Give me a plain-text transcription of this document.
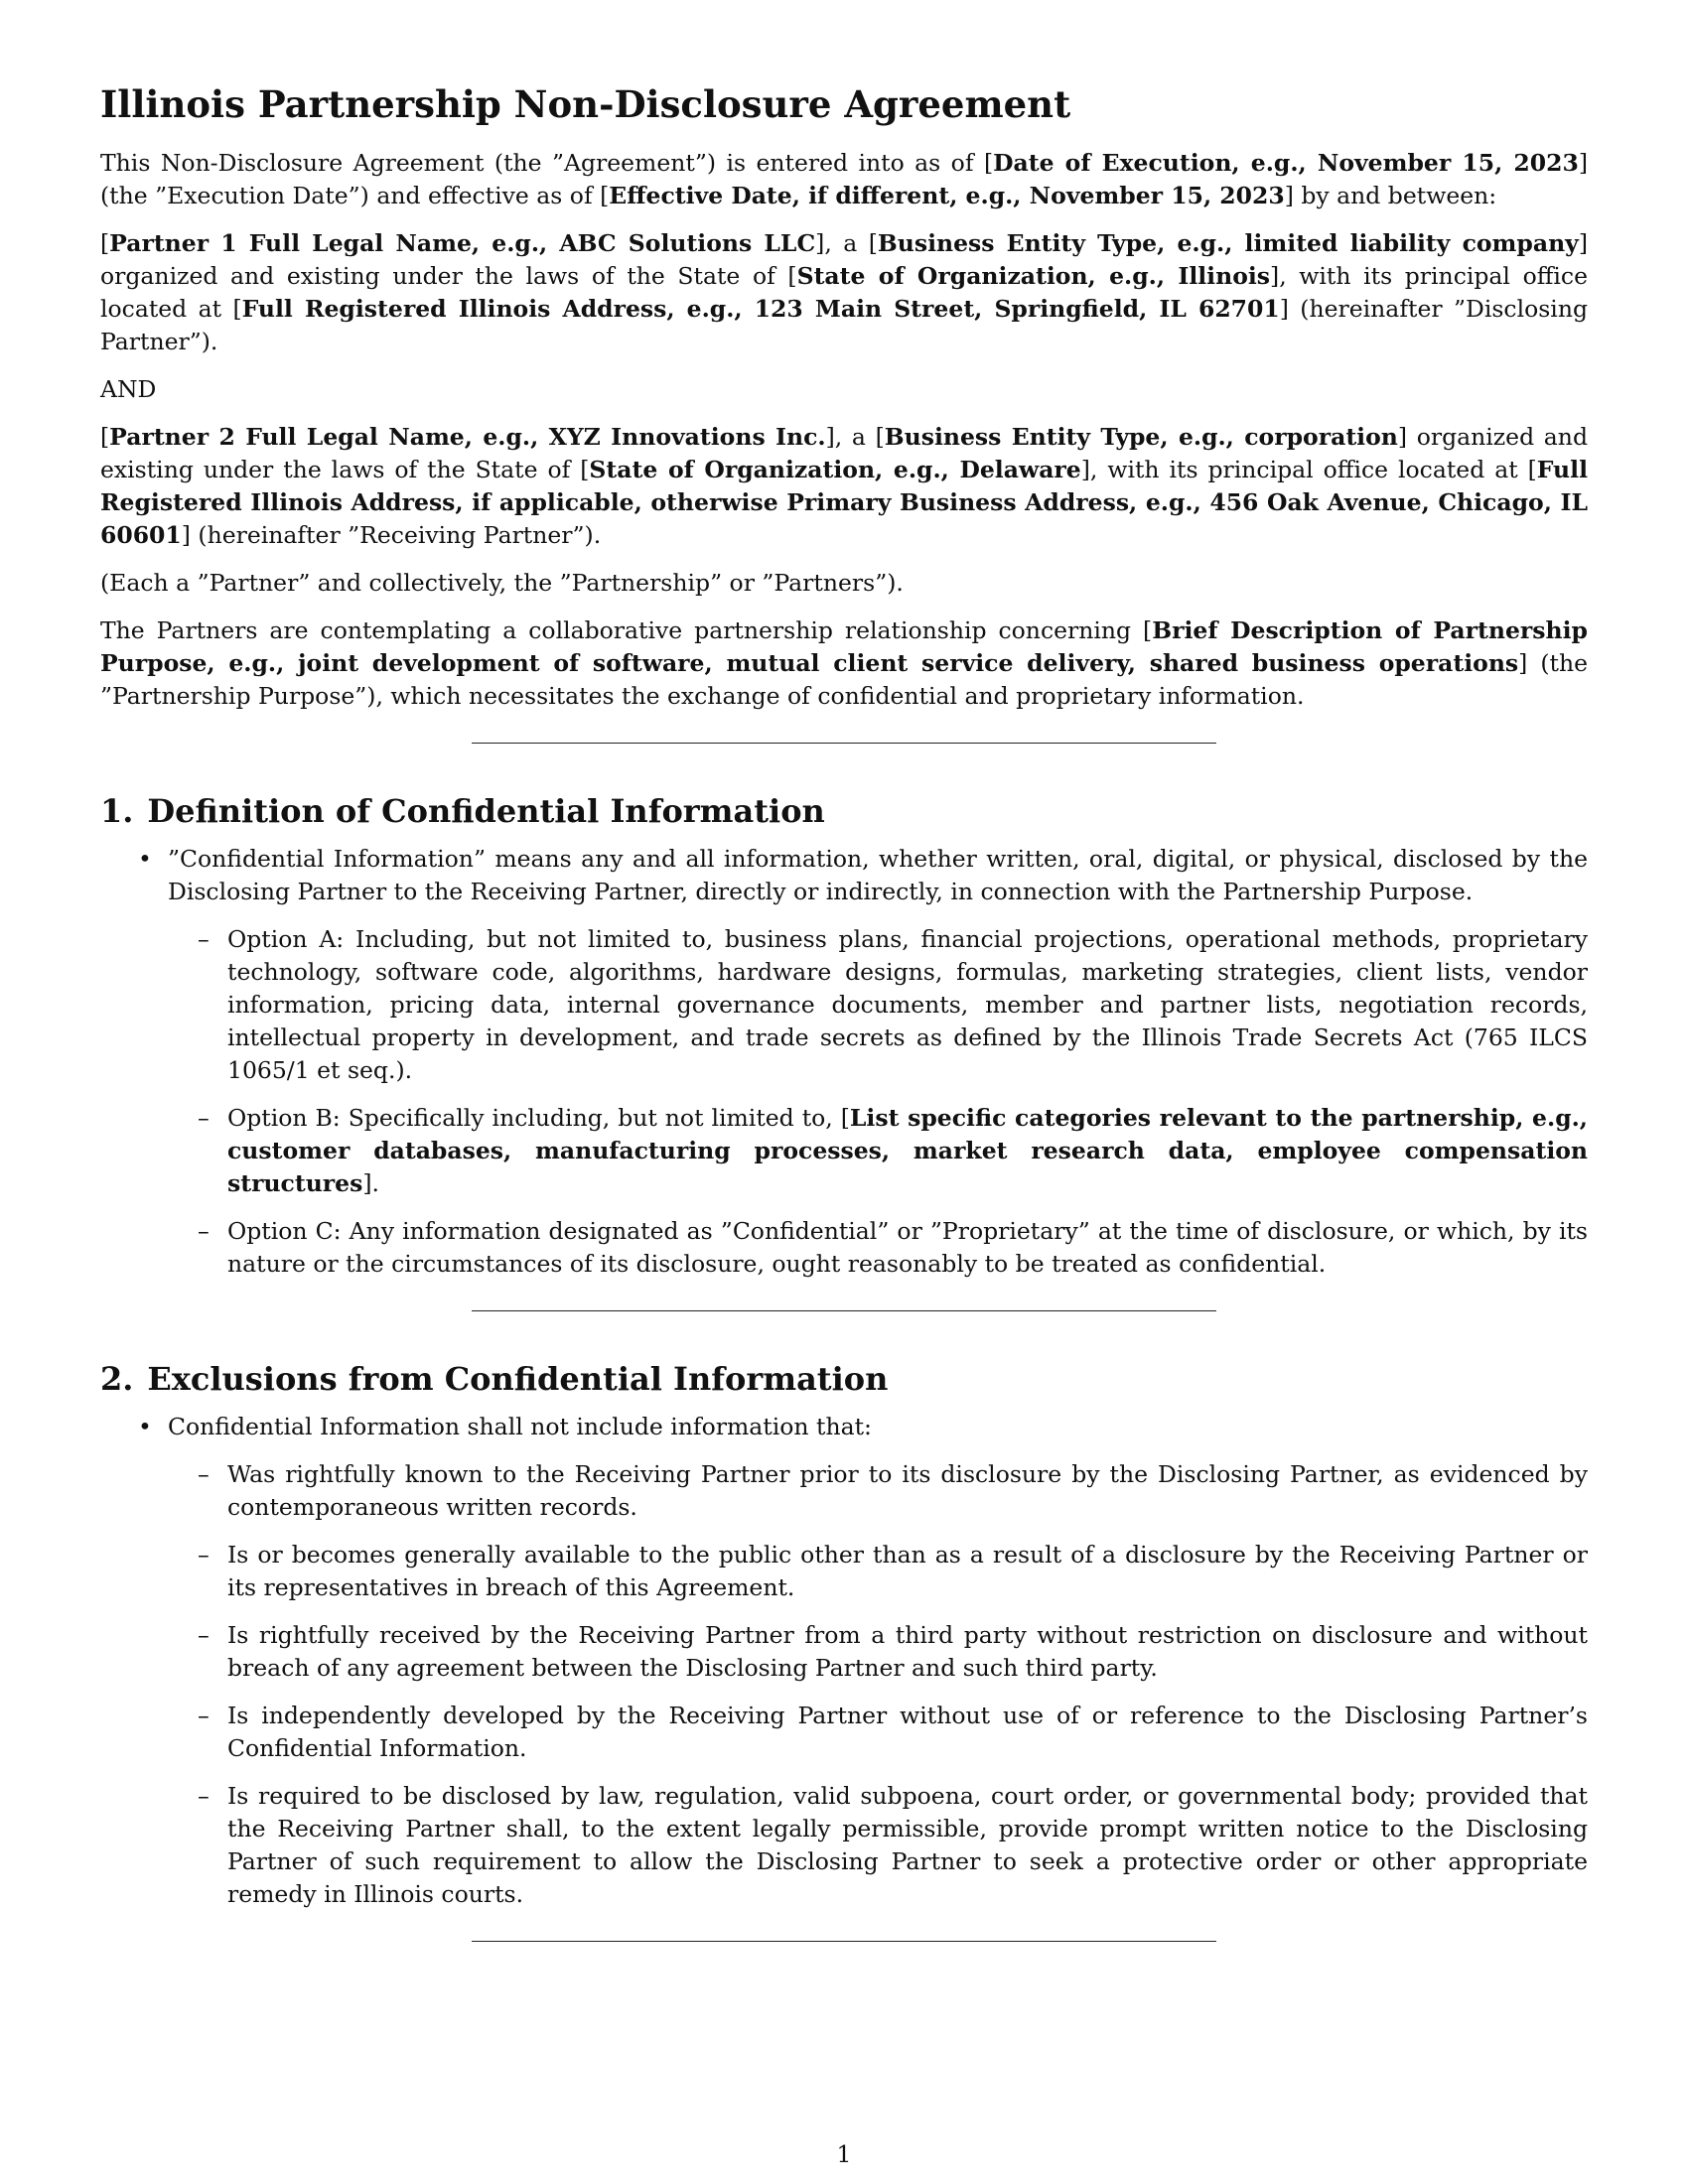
Illinois Partnership Non-Disclosure Agreement

This Non-Disclosure Agreement (the ”Agreement”) is entered into as of [Date of Execution, e.g., November 15, 2023] (the ”Execution Date”) and effective as of [Effective Date, if different, e.g., November 15, 2023] by and between:

[Partner 1 Full Legal Name, e.g., ABC Solutions LLC], a [Business Entity Type, e.g., limited liability company] organized and existing under the laws of the State of [State of Organization, e.g., Illinois], with its principal office located at [Full Registered Illinois Address, e.g., 123 Main Street, Springfield, IL 62701] (hereinafter ”Disclosing Partner”).

AND

[Partner 2 Full Legal Name, e.g., XYZ Innovations Inc.], a [Business Entity Type, e.g., corporation] organized and existing under the laws of the State of [State of Organization, e.g., Delaware], with its principal office located at [Full Registered Illinois Address, if applicable, otherwise Primary Business Address, e.g., 456 Oak Avenue, Chicago, IL 60601] (hereinafter ”Receiving Partner”).

(Each a ”Partner” and collectively, the ”Partnership” or ”Partners”).

The Partners are contemplating a collaborative partnership relationship concerning [Brief Description of Partnership Purpose, e.g., joint development of software, mutual client service delivery, shared business operations] (the ”Partnership Purpose”), which necessitates the exchange of confidential and proprietary information.

1. Definition of Confidential Information
• ”Confidential Information” means any and all information, whether written, oral, digital, or physical, disclosed by the Disclosing Partner to the Receiving Partner, directly or indirectly, in connection with the Partnership Purpose.
– Option A: Including, but not limited to, business plans, financial projections, operational methods, proprietary technology, software code, algorithms, hardware designs, formulas, marketing strategies, client lists, vendor information, pricing data, internal governance documents, member and partner lists, negotiation records, intellectual property in development, and trade secrets as defined by the Illinois Trade Secrets Act (765 ILCS 1065/1 et seq.).
– Option B: Specifically including, but not limited to, [List specific categories relevant to the partnership, e.g., customer databases, manufacturing processes, market research data, employee compensation structures].
– Option C: Any information designated as ”Confidential” or ”Proprietary” at the time of disclosure, or which, by its nature or the circumstances of its disclosure, ought reasonably to be treated as confidential.
2. Exclusions from Confidential Information
• Confidential Information shall not include information that:
– Was rightfully known to the Receiving Partner prior to its disclosure by the Disclosing Partner, as evidenced by contemporaneous written records.
– Is or becomes generally available to the public other than as a result of a disclosure by the Receiving Partner or its representatives in breach of this Agreement.
– Is rightfully received by the Receiving Partner from a third party without restriction on disclosure and without breach of any agreement between the Disclosing Partner and such third party.
– Is independently developed by the Receiving Partner without use of or reference to the Disclosing Partner’s Confidential Information.
– Is required to be disclosed by law, regulation, valid subpoena, court order, or governmental body; provided that the Receiving Partner shall, to the extent legally permissible, provide prompt written notice to the Disclosing Partner of such requirement to allow the Disclosing Partner to seek a protective order or other appropriate remedy in Illinois courts.
1
